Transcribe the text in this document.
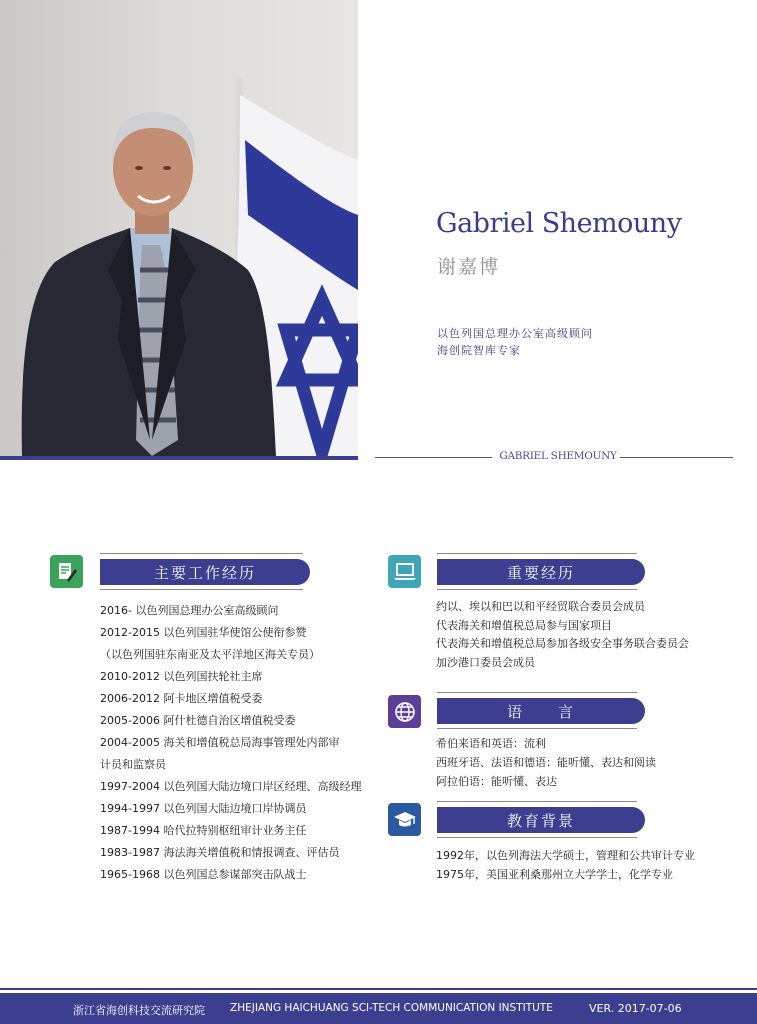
Gabriel Shemouny
谢嘉博
以色列国总理办公室高级顾问
海创院智库专家
GABRIEL SHEMOUNY
主要工作经历
2016- 以色列国总理办公室高级顾问
2012-2015 以色列国驻华使馆公使衔参赞
（以色列国驻东南亚及太平洋地区海关专员）
2010-2012 以色列国扶轮社主席
2006-2012 阿卡地区增值税受委
2005-2006 阿什杜德自治区增值税受委
2004-2005 海关和增值税总局海事管理处内部审
计员和监察员
1997-2004 以色列国大陆边境口岸区经理、高级经理
1994-1997 以色列国大陆边境口岸协调员
1987-1994 哈代拉特别枢纽审计业务主任
1983-1987 海法海关增值税和情报调查、评估员
1965-1968 以色列国总参谋部突击队战士
重要经历
约以、埃以和巴以和平经贸联合委员会成员
代表海关和增值税总局参与国家项目
代表海关和增值税总局参加各级安全事务联合委员会
加沙港口委员会成员
语　　言
希伯来语和英语：流利
西班牙语、法语和德语：能听懂、表达和阅读
阿拉伯语：能听懂、表达
教育背景
1992年，以色列海法大学硕士，管理和公共审计专业
1975年，美国亚利桑那州立大学学士，化学专业
浙江省海创科技交流研究院 ZHEJIANG HAICHUANG SCI-TECH COMMUNICATION INSTITUTE	VER. 2017-07-06
